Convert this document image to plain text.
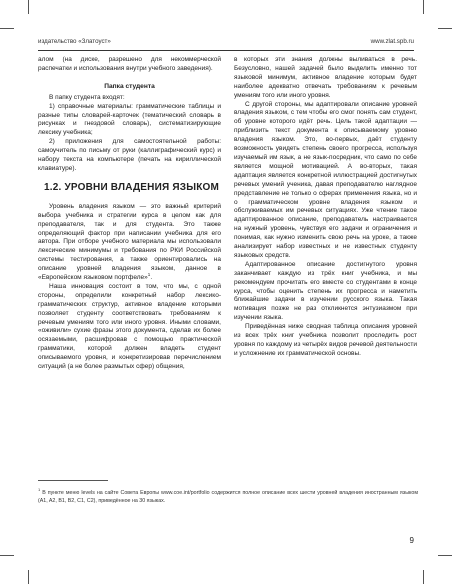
издательство «Златоуст»	www.zlat.spb.ru

алом (на диске, разрешено для некоммерческой распечатки и использования внутри учебного заведения).

Папка студента

В папку студента входят:

1) справочные материалы: грамматические таблицы и разные типы словарей-карточек (тематический словарь в рисунках и гнездовой словарь), систематизирующие лексику учебника;

2) приложения для самостоятельной работы: самоучитель по письму от руки (каллиграфический курс) и набору текста на компьютере (печать на кириллической клавиатуре).

1.2. УРОВНИ ВЛАДЕНИЯ ЯЗЫКОМ

Уровень владения языком — это важный критерий выбора учебника и стратегии курса в целом как для преподавателя, так и для студента. Это также определяющий фактор при написании учебника для его автора. При отборе учебного материала мы использовали лексические минимумы и требования по РКИ Российской системы тестирования, а также ориентировались на описание уровней владения языком, данное в «Европейском языковом портфеле»$^1$.

Наша инновация состоит в том, что мы, с одной стороны, определили конкретный набор лексико-грамматических структур, активное владение которыми позволяет студенту соответствовать требованиям к речевым умениям того или иного уровня. Иными словами, «оживили» сухие фразы этого документа, сделав их более осязаемыми, расшифровав с помощью практической грамматики, которой должен владеть студент описываемого уровня, и конкретизировав перечислением ситуаций (а не более размытых сфер) общения,

в которых эти знания должны выливаться в речь. Безусловно, нашей задачей было выделить именно тот языковой минимум, активное владение которым будет наиболее адекватно отвечать требованиям к речевым умениям того или иного уровня.

С другой стороны, мы адаптировали описание уровней владения языком, с тем чтобы его смог понять сам студент, об уровне которого идёт речь. Цель такой адаптации — приблизить текст документа к описываемому уровню владения языком. Это, во-первых, даёт студенту возможность увидеть степень своего прогресса, используя изучаемый им язык, а не язык-посредник, что само по себе является мощной мотивацией. А во-вторых, такая адаптация является конкретной иллюстрацией достигнутых речевых умений ученика, давая преподавателю наглядное представление не только о сферах применения языка, но и о грамматическом уровне владения языком и обслуживаемых им речевых ситуациях. Уже чтение такое адаптированное описание, преподаватель настраивается на нужный уровень, чувствуя его задачи и ограничения и понимая, как нужно изменить свою речь на уроке, а также анализирует набор известных и не известных студенту языковых средств.

Адаптированное описание достигнутого уровня заканчивает каждую из трёх книг учебника, и мы рекомендуем прочитать его вместе со студентами в конце курса, чтобы оценить степень их прогресса и наметить ближайшие задачи в изучении русского языка. Такая мотивация позже не раз откликнется энтузиазмом при изучении языка.

Приведённая ниже сводная таблица описания уровней из всех трёх книг учебника позволит проследить рост уровня по каждому из четырёх видов речевой деятельности и усложнение их грамматической основы.

$^1$В пункте меню levels на сайте Совета Европы www.coe.int/portfolio содержится полное описание всех шести уровней владения иностранным языком (A1, A2, B1, B2, C1, C2), приведённое на 30 языках.
9
